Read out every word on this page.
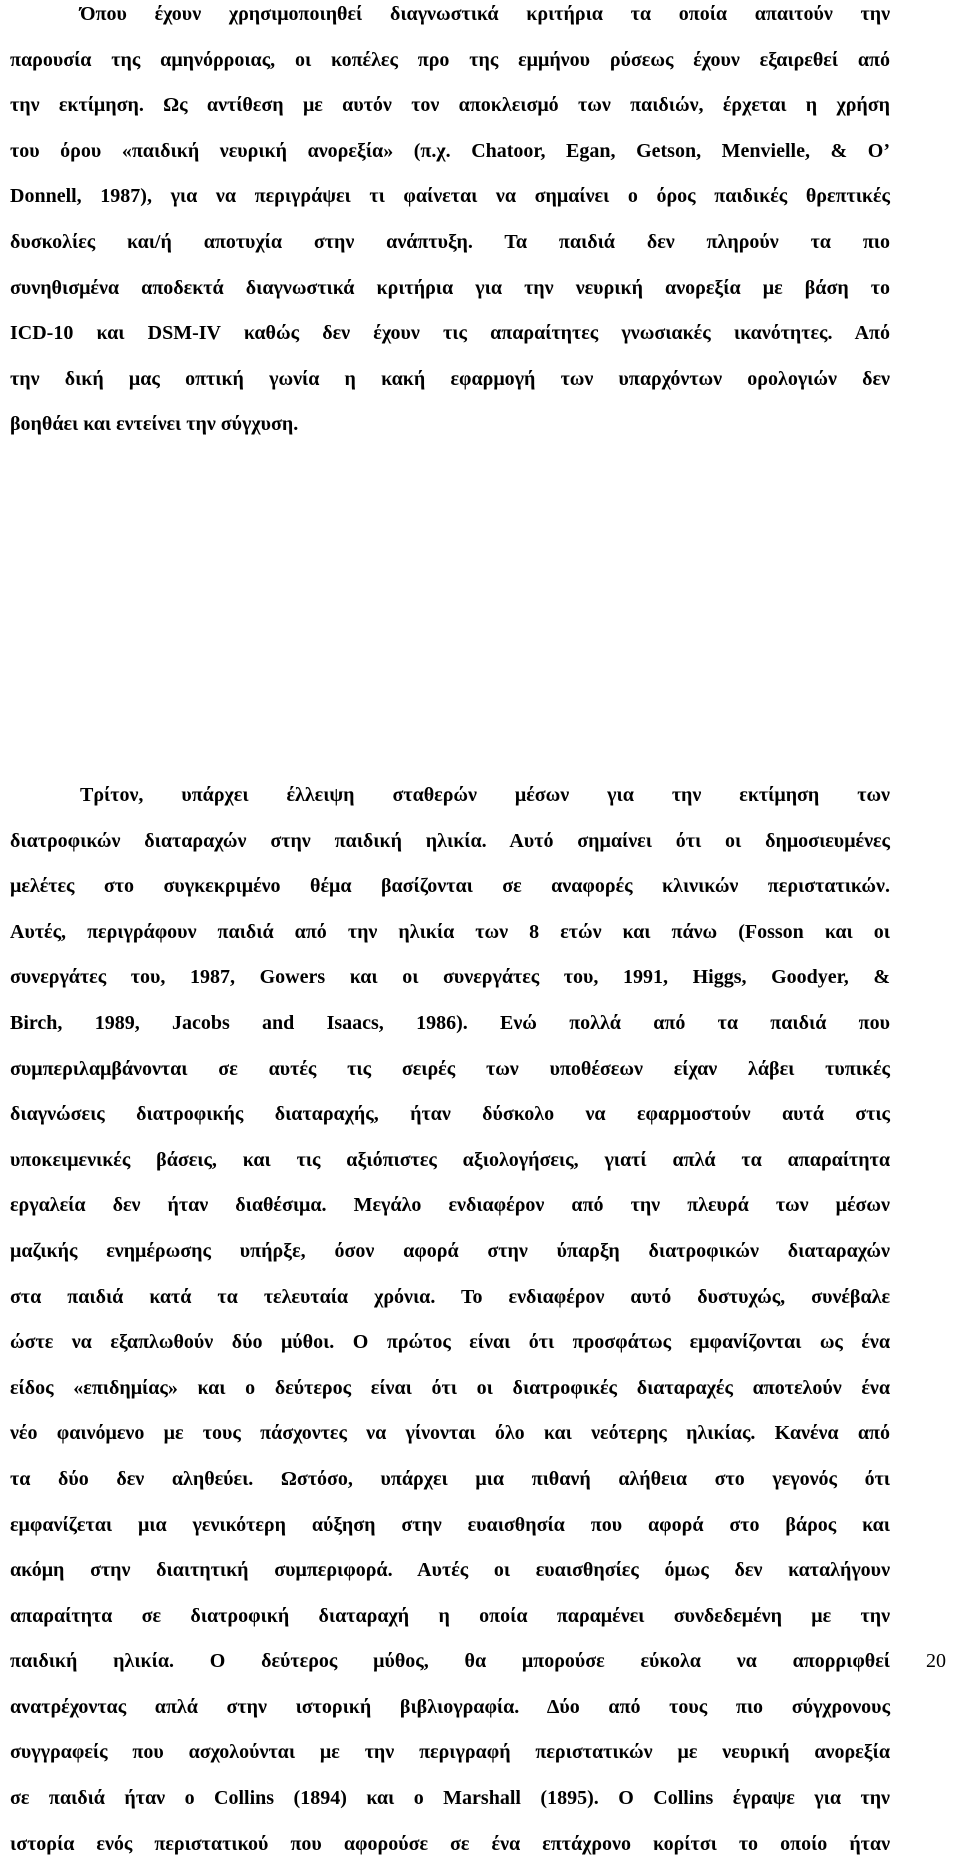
Όπου έχουν χρησιμοποιηθεί διαγνωστικά κριτήρια τα οποία απαιτούν την
παρουσία της αμηνόρροιας, οι κοπέλες προ της εμμήνου ρύσεως έχουν εξαιρεθεί από
την εκτίμηση. Ως αντίθεση με αυτόν τον αποκλεισμό των παιδιών, έρχεται η χρήση
του όρου «παιδική νευρική ανορεξία» (π.χ. Chatoor, Egan, Getson, Menvielle, & O’
Donnell, 1987), για να περιγράψει τι φαίνεται να σημαίνει ο όρος παιδικές θρεπτικές
δυσκολίες και/ή αποτυχία στην ανάπτυξη. Τα παιδιά δεν πληρούν τα πιο
συνηθισμένα αποδεκτά διαγνωστικά κριτήρια για την νευρική ανορεξία με βάση το
ICD-10 και DSM-IV καθώς δεν έχουν τις απαραίτητες γνωσιακές ικανότητες. Από
την δική μας οπτική γωνία η κακή εφαρμογή των υπαρχόντων ορολογιών δεν
βοηθάει και εντείνει την σύγχυση.
Τρίτον, υπάρχει έλλειψη σταθερών μέσων για την εκτίμηση των
διατροφικών διαταραχών στην παιδική ηλικία. Αυτό σημαίνει ότι οι δημοσιευμένες
μελέτες στο συγκεκριμένο θέμα βασίζονται σε αναφορές κλινικών περιστατικών.
Αυτές, περιγράφουν παιδιά από την ηλικία των 8 ετών και πάνω (Fosson και οι
συνεργάτες του, 1987, Gowers και οι συνεργάτες του, 1991, Higgs, Goodyer, &
Birch, 1989, Jacobs and Isaacs, 1986). Ενώ πολλά από τα παιδιά που
συμπεριλαμβάνονται σε αυτές τις σειρές των υποθέσεων είχαν λάβει τυπικές
διαγνώσεις διατροφικής διαταραχής, ήταν δύσκολο να εφαρμοστούν αυτά στις
υποκειμενικές βάσεις, και τις αξιόπιστες αξιολογήσεις, γιατί απλά τα απαραίτητα
εργαλεία δεν ήταν διαθέσιμα. Μεγάλο ενδιαφέρον από την πλευρά των μέσων
μαζικής ενημέρωσης υπήρξε, όσον αφορά στην ύπαρξη διατροφικών διαταραχών
στα παιδιά κατά τα τελευταία χρόνια. Το ενδιαφέρον αυτό δυστυχώς, συνέβαλε
ώστε να εξαπλωθούν δύο μύθοι. Ο πρώτος είναι ότι προσφάτως εμφανίζονται ως ένα
είδος «επιδημίας» και ο δεύτερος είναι ότι οι διατροφικές διαταραχές αποτελούν ένα
νέο φαινόμενο με τους πάσχοντες να γίνονται όλο και νεότερης ηλικίας. Κανένα από
τα δύο δεν αληθεύει. Ωστόσο, υπάρχει μια πιθανή αλήθεια στο γεγονός ότι
εμφανίζεται μια γενικότερη αύξηση στην ευαισθησία που αφορά στο βάρος και
ακόμη στην διαιτητική συμπεριφορά. Αυτές οι ευαισθησίες όμως δεν καταλήγουν
απαραίτητα σε διατροφική διαταραχή η οποία παραμένει συνδεδεμένη με την
παιδική ηλικία. Ο δεύτερος μύθος, θα μπορούσε εύκολα να απορριφθεί
ανατρέχοντας απλά στην ιστορική βιβλιογραφία. Δύο από τους πιο σύγχρονους
συγγραφείς που ασχολούνται με την περιγραφή περιστατικών με νευρική ανορεξία
σε παιδιά ήταν ο Collins (1894) και ο Marshall (1895). Ο Collins έγραψε για την
ιστορία ενός περιστατικού που αφορούσε σε ένα επτάχρονο κορίτσι το οποίο ήταν
20
